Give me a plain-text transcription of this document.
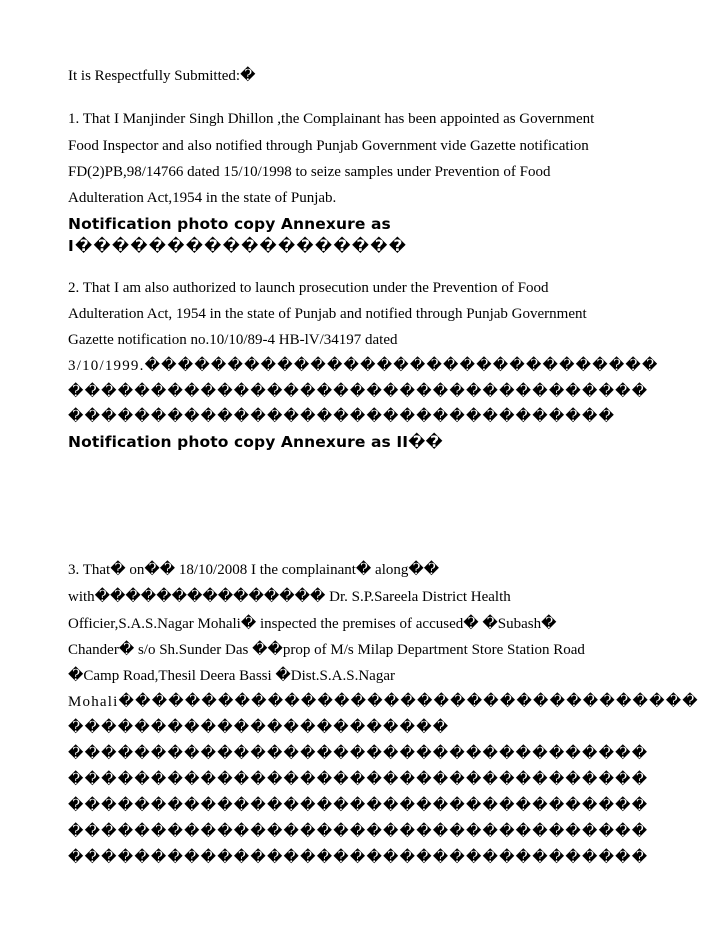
It is Respectfully Submitted:�
1. That I Manjinder Singh Dhillon ,the Complainant has been appointed as Government
Food Inspector and also notified through Punjab Government vide Gazette notification
FD(2)PB,98/14766 dated 15/10/1998 to seize samples under Prevention of Food
Adulteration Act,1954 in the state of Punjab.
Notification photo copy Annexure as
I������������������
2. That I am also authorized to launch prosecution under the Prevention of Food
Adulteration Act, 1954 in the state of Punjab and notified through Punjab Government
Gazette notification no.10/10/89-4 HB-lV/34197 dated
3/10/1999.�������������������������������
�����������������������������������
���������������������������������
Notification photo copy Annexure as II��
3. That� on�� 18/10/2008 I the complainant� along��
with��������������� Dr. S.P.Sareela District Health
Officier,S.A.S.Nagar Mohali� inspected the premises of accused� �Subash�
Chander� s/o Sh.Sunder Das ��prop of M/s Milap Department Store Station Road
�Camp Road,Thesil Deera Bassi �Dist.S.A.S.Nagar
Mohali�����������������������������������
�����������������������
�����������������������������������
�����������������������������������
�����������������������������������
�����������������������������������
�����������������������������������
